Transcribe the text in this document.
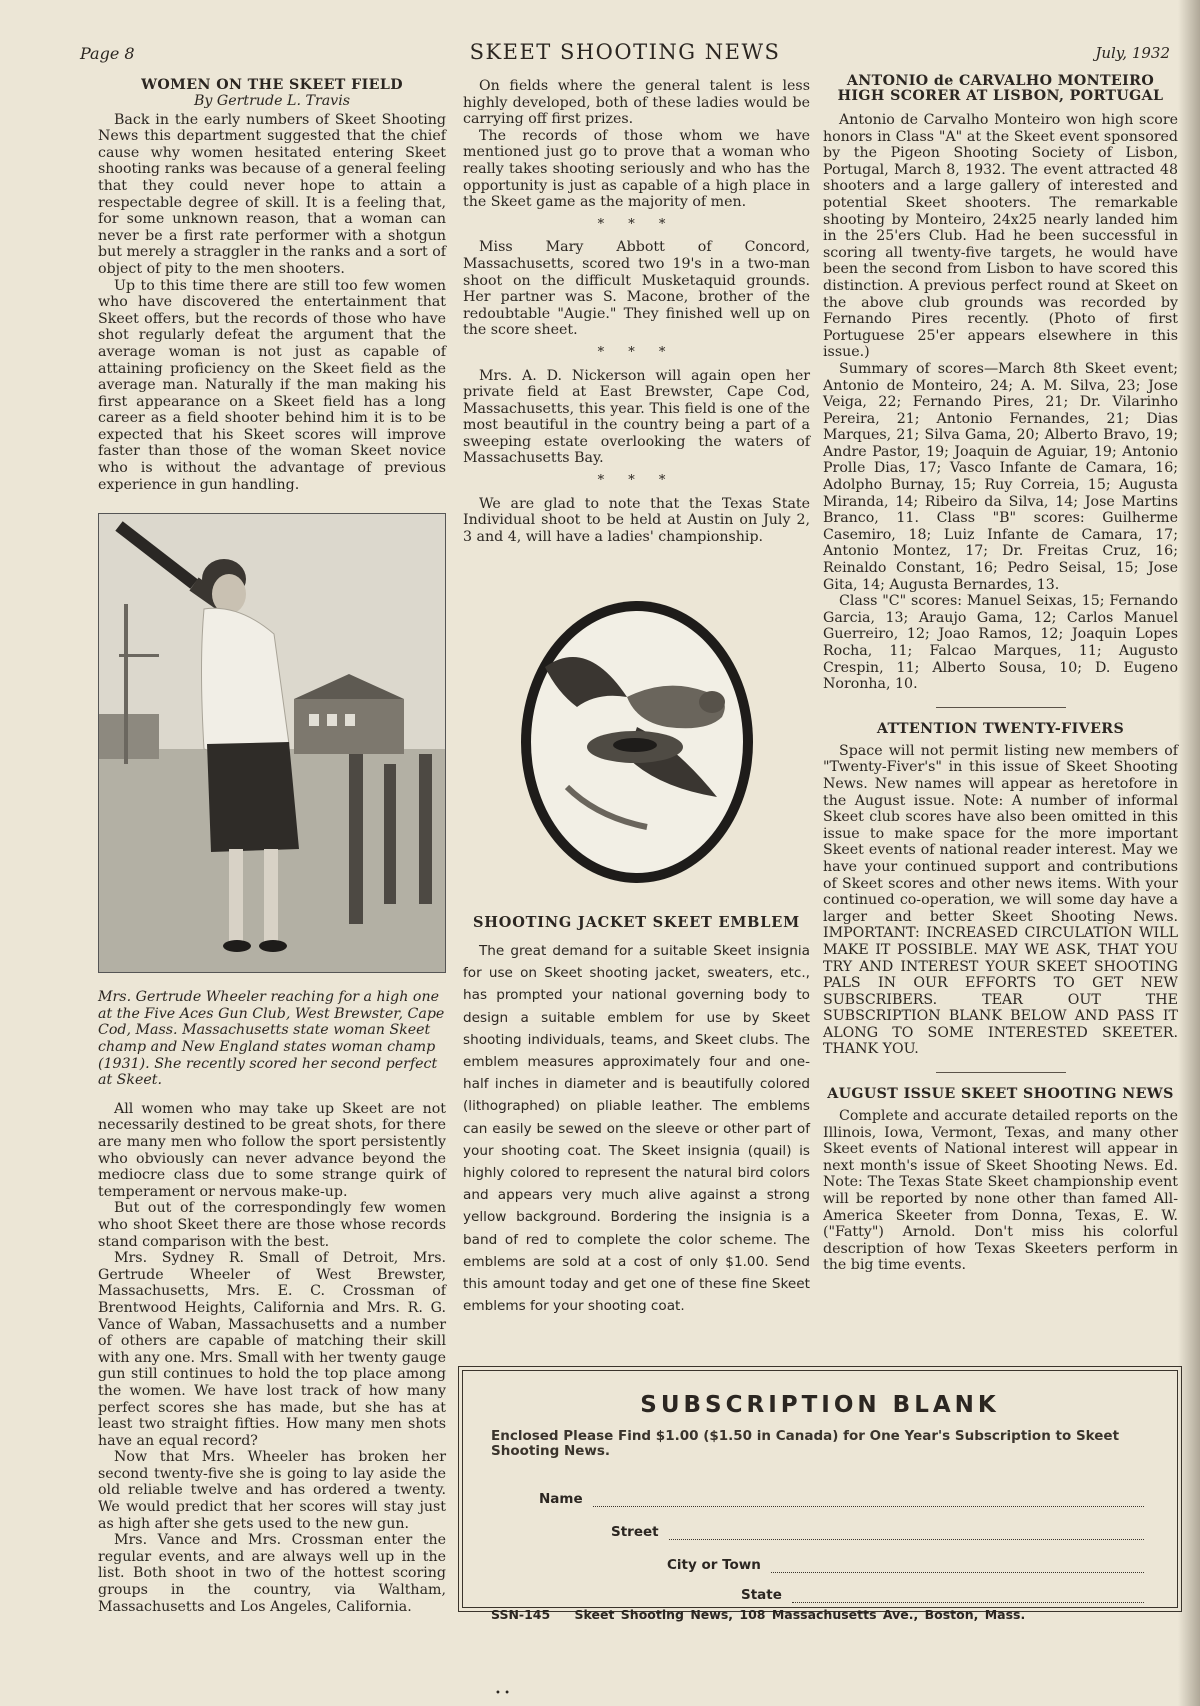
Page 8	SKEET SHOOTING NEWS	July, 1932
WOMEN ON THE SKEET FIELD
By Gertrude L. Travis

Back in the early numbers of Skeet Shooting News this department suggested that the chief cause why women hesitated entering Skeet shooting ranks was because of a general feeling that they could never hope to attain a respectable degree of skill. It is a feeling that, for some unknown reason, that a woman can never be a first rate performer with a shotgun but merely a straggler in the ranks and a sort of object of pity to the men shooters.

Up to this time there are still too few women who have discovered the entertainment that Skeet offers, but the records of those who have shot regularly defeat the argument that the average woman is not just as capable of attaining proficiency on the Skeet field as the average man. Naturally if the man making his first appearance on a Skeet field has a long career as a field shooter behind him it is to be expected that his Skeet scores will improve faster than those of the woman Skeet novice who is without the advantage of previous experience in gun handling.

Mrs. Gertrude Wheeler reaching for a high one at the Five Aces Gun Club, West Brewster, Cape Cod, Mass. Massachusetts state woman Skeet champ and New England states woman champ (1931). She recently scored her second perfect at Skeet.

All women who may take up Skeet are not necessarily destined to be great shots, for there are many men who follow the sport persistently who obviously can never advance beyond the mediocre class due to some strange quirk of temperament or nervous make-up.

But out of the correspondingly few women who shoot Skeet there are those whose records stand comparison with the best.

Mrs. Sydney R. Small of Detroit, Mrs. Gertrude Wheeler of West Brewster, Massachusetts, Mrs. E. C. Crossman of Brentwood Heights, California and Mrs. R. G. Vance of Waban, Massachusetts and a number of others are capable of matching their skill with any one. Mrs. Small with her twenty gauge gun still continues to hold the top place among the women. We have lost track of how many perfect scores she has made, but she has at least two straight fifties. How many men shots have an equal record?

Now that Mrs. Wheeler has broken her second twenty-five she is going to lay aside the old reliable twelve and has ordered a twenty. We would predict that her scores will stay just as high after she gets used to the new gun.

Mrs. Vance and Mrs. Crossman enter the regular events, and are always well up in the list. Both shoot in two of the hottest scoring groups in the country, via Waltham, Massachusetts and Los Angeles, California.

On fields where the general talent is less highly developed, both of these ladies would be carrying off first prizes.

The records of those whom we have mentioned just go to prove that a woman who really takes shooting seriously and who has the opportunity is just as capable of a high place in the Skeet game as the majority of men.

* * *

Miss Mary Abbott of Concord, Massachusetts, scored two 19's in a two-man shoot on the difficult Musketaquid grounds. Her partner was S. Macone, brother of the redoubtable "Augie." They finished well up on the score sheet.

* * *

Mrs. A. D. Nickerson will again open her private field at East Brewster, Cape Cod, Massachusetts, this year. This field is one of the most beautiful in the country being a part of a sweeping estate overlooking the waters of Massachusetts Bay.

* * *

We are glad to note that the Texas State Individual shoot to be held at Austin on July 2, 3 and 4, will have a ladies' championship.

SHOOTING JACKET SKEET EMBLEM

The great demand for a suitable Skeet insignia for use on Skeet shooting jacket, sweaters, etc., has prompted your national governing body to design a suitable emblem for use by Skeet shooting individuals, teams, and Skeet clubs. The emblem measures approximately four and one-half inches in diameter and is beautifully colored (lithographed) on pliable leather. The emblems can easily be sewed on the sleeve or other part of your shooting coat. The Skeet insignia (quail) is highly colored to represent the natural bird colors and appears very much alive against a strong yellow background. Bordering the insignia is a band of red to complete the color scheme. The emblems are sold at a cost of only $1.00. Send this amount today and get one of these fine Skeet emblems for your shooting coat.

ANTONIO de CARVALHO MONTEIRO HIGH SCORER AT LISBON, PORTUGAL

Antonio de Carvalho Monteiro won high score honors in Class "A" at the Skeet event sponsored by the Pigeon Shooting Society of Lisbon, Portugal, March 8, 1932. The event attracted 48 shooters and a large gallery of interested and potential Skeet shooters. The remarkable shooting by Monteiro, 24x25 nearly landed him in the 25'ers Club. Had he been successful in scoring all twenty-five targets, he would have been the second from Lisbon to have scored this distinction. A previous perfect round at Skeet on the above club grounds was recorded by Fernando Pires recently. (Photo of first Portuguese 25'er appears elsewhere in this issue.)

Summary of scores—March 8th Skeet event; Antonio de Monteiro, 24; A. M. Silva, 23; Jose Veiga, 22; Fernando Pires, 21; Dr. Vilarinho Pereira, 21; Antonio Fernandes, 21; Dias Marques, 21; Silva Gama, 20; Alberto Bravo, 19; Andre Pastor, 19; Joaquin de Aguiar, 19; Antonio Prolle Dias, 17; Vasco Infante de Camara, 16; Adolpho Burnay, 15; Ruy Correia, 15; Augusta Miranda, 14; Ribeiro da Silva, 14; Jose Martins Branco, 11. Class "B" scores: Guilherme Casemiro, 18; Luiz Infante de Camara, 17; Antonio Montez, 17; Dr. Freitas Cruz, 16; Reinaldo Constant, 16; Pedro Seisal, 15; Jose Gita, 14; Augusta Bernardes, 13.

Class "C" scores: Manuel Seixas, 15; Fernando Garcia, 13; Araujo Gama, 12; Carlos Manuel Guerreiro, 12; Joao Ramos, 12; Joaquin Lopes Rocha, 11; Falcao Marques, 11; Augusto Crespin, 11; Alberto Sousa, 10; D. Eugeno Noronha, 10.

ATTENTION TWENTY-FIVERS

Space will not permit listing new members of "Twenty-Fiver's" in this issue of Skeet Shooting News. New names will appear as heretofore in the August issue. Note: A number of informal Skeet club scores have also been omitted in this issue to make space for the more important Skeet events of national reader interest. May we have your continued support and contributions of Skeet scores and other news items. With your continued co-operation, we will some day have a larger and better Skeet Shooting News. IMPORTANT: INCREASED CIRCULATION WILL MAKE IT POSSIBLE. MAY WE ASK, THAT YOU TRY AND INTEREST YOUR SKEET SHOOTING PALS IN OUR EFFORTS TO GET NEW SUBSCRIBERS. TEAR OUT THE SUBSCRIPTION BLANK BELOW AND PASS IT ALONG TO SOME INTERESTED SKEETER. THANK YOU.

AUGUST ISSUE SKEET SHOOTING NEWS

Complete and accurate detailed reports on the Illinois, Iowa, Vermont, Texas, and many other Skeet events of National interest will appear in next month's issue of Skeet Shooting News. Ed. Note: The Texas State Skeet championship event will be reported by none other than famed All-America Skeeter from Donna, Texas, E. W. ("Fatty") Arnold. Don't miss his colorful description of how Texas Skeeters perform in the big time events.

SUBSCRIPTION BLANK
Enclosed Please Find $1.00 ($1.50 in Canada) for One Year's Subscription to Skeet Shooting News.
Name
Street
City or Town
State
SSN-145 Skeet Shooting News, 108 Massachusetts Ave., Boston, Mass.
• •
